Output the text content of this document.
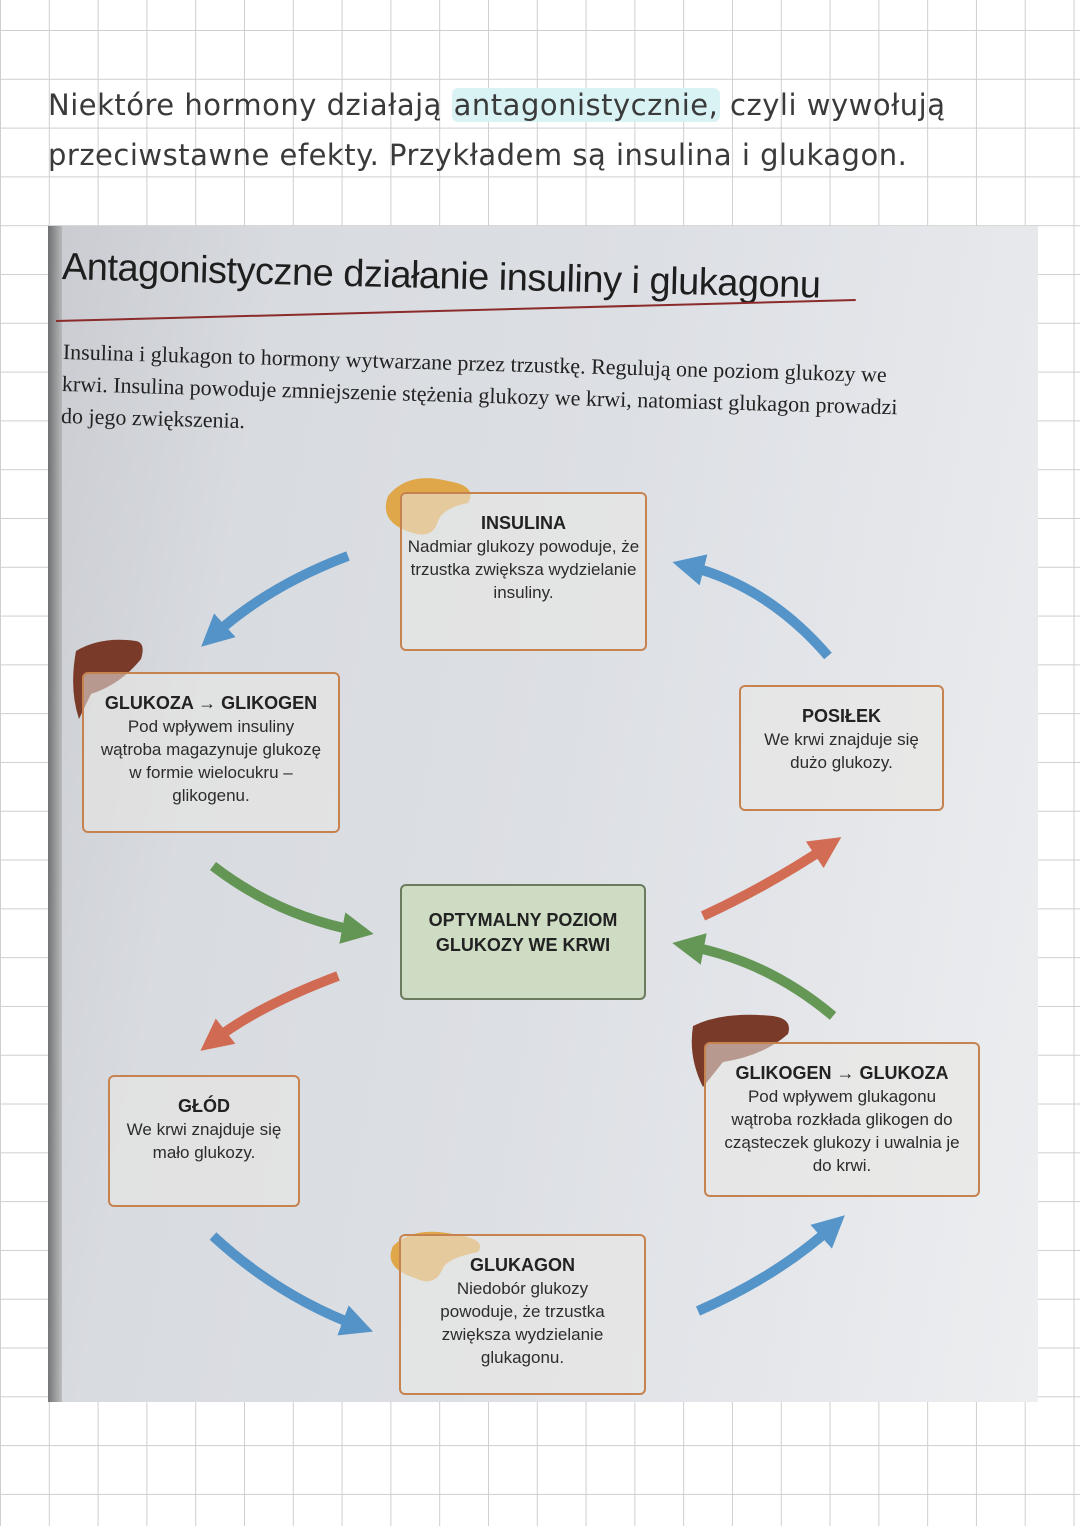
Niektóre hormony działają antagonistycznie, czyli wywołują przeciwstawne efekty. Przykładem są insulina i glukagon.
Antagonistyczne działanie insuliny i glukagonu
Insulina i glukagon to hormony wytwarzane przez trzustkę. Regulują one poziom glukozy we krwi. Insulina powoduje zmniejszenie stężenia glukozy we krwi, natomiast glukagon prowadzi do jego zwiększenia.
INSULINA
Nadmiar glukozy powoduje, że trzustka zwiększa wydzielanie insuliny.
GLUKOZA → GLIKOGEN
Pod wpływem insuliny wątroba magazynuje glukozę w formie wielocukru – glikogenu.
POSIŁEK
We krwi znajduje się dużo glukozy.
OPTYMALNY POZIOM GLUKOZY WE KRWI
GLIKOGEN → GLUKOZA
Pod wpływem glukagonu wątroba rozkłada glikogen do cząsteczek glukozy i uwalnia je do krwi.
GŁÓD
We krwi znajduje się mało glukozy.
GLUKAGON
Niedobór glukozy powoduje, że trzustka zwiększa wydzielanie glukagonu.
